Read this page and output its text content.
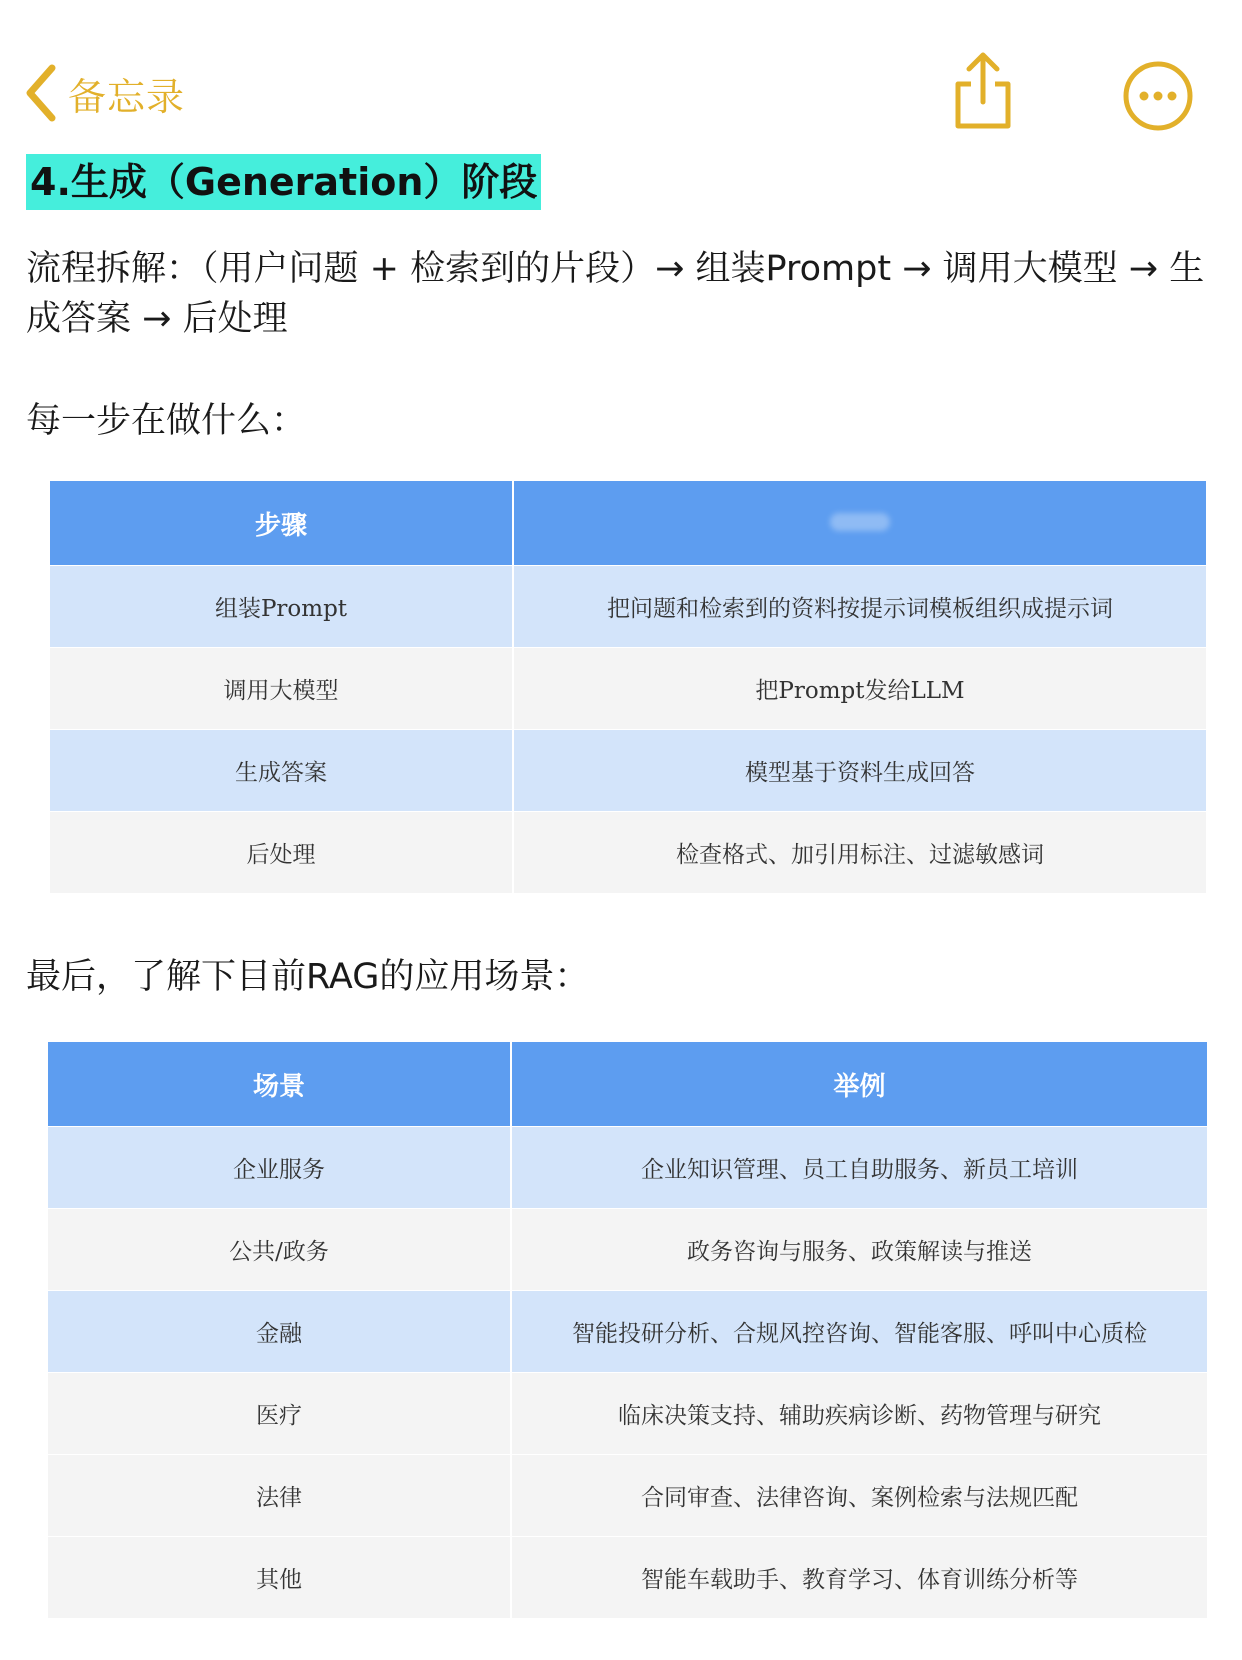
备忘录
4.生成（Generation）阶段
流程拆解：（用户问题 + 检索到的片段）→ 组装Prompt → 调用大模型 → 生成答案 → 后处理
每一步在做什么：
步骤	
组装Prompt	把问题和检索到的资料按提示词模板组织成提示词
调用大模型	把Prompt发给LLM
生成答案	模型基于资料生成回答
后处理	检查格式、加引用标注、过滤敏感词
最后，了解下目前RAG的应用场景：
场景	举例
企业服务	企业知识管理、员工自助服务、新员工培训
公共/政务	政务咨询与服务、政策解读与推送
金融	智能投研分析、合规风控咨询、智能客服、呼叫中心质检
医疗	临床决策支持、辅助疾病诊断、药物管理与研究
法律	合同审查、法律咨询、案例检索与法规匹配
其他	智能车载助手、教育学习、体育训练分析等
